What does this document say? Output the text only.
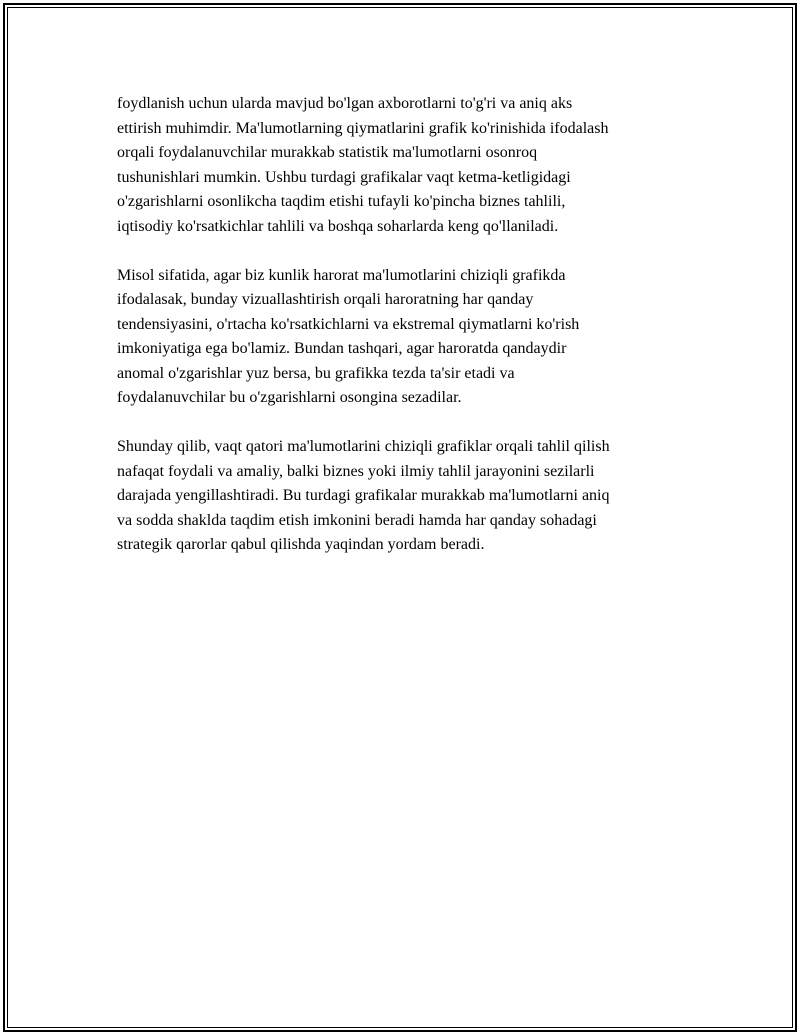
foydlanish uchun ularda mavjud bo'lgan axborotlarni to'g'ri va aniq aks
ettirish muhimdir. Ma'lumotlarning qiymatlarini grafik ko'rinishida ifodalash
orqali foydalanuvchilar murakkab statistik ma'lumotlarni osonroq
tushunishlari mumkin. Ushbu turdagi grafikalar vaqt ketma-ketligidagi
o'zgarishlarni osonlikcha taqdim etishi tufayli ko'pincha biznes tahlili,
iqtisodiy ko'rsatkichlar tahlili va boshqa soharlarda keng qo'llaniladi.

Misol sifatida, agar biz kunlik harorat ma'lumotlarini chiziqli grafikda
ifodalasak, bunday vizuallashtirish orqali haroratning har qanday
tendensiyasini, o'rtacha ko'rsatkichlarni va ekstremal qiymatlarni ko'rish
imkoniyatiga ega bo'lamiz. Bundan tashqari, agar haroratda qandaydir
anomal o'zgarishlar yuz bersa, bu grafikka tezda ta'sir etadi va
foydalanuvchilar bu o'zgarishlarni osongina sezadilar.

Shunday qilib, vaqt qatori ma'lumotlarini chiziqli grafiklar orqali tahlil qilish
nafaqat foydali va amaliy, balki biznes yoki ilmiy tahlil jarayonini sezilarli
darajada yengillashtiradi. Bu turdagi grafikalar murakkab ma'lumotlarni aniq
va sodda shaklda taqdim etish imkonini beradi hamda har qanday sohadagi
strategik qarorlar qabul qilishda yaqindan yordam beradi.
